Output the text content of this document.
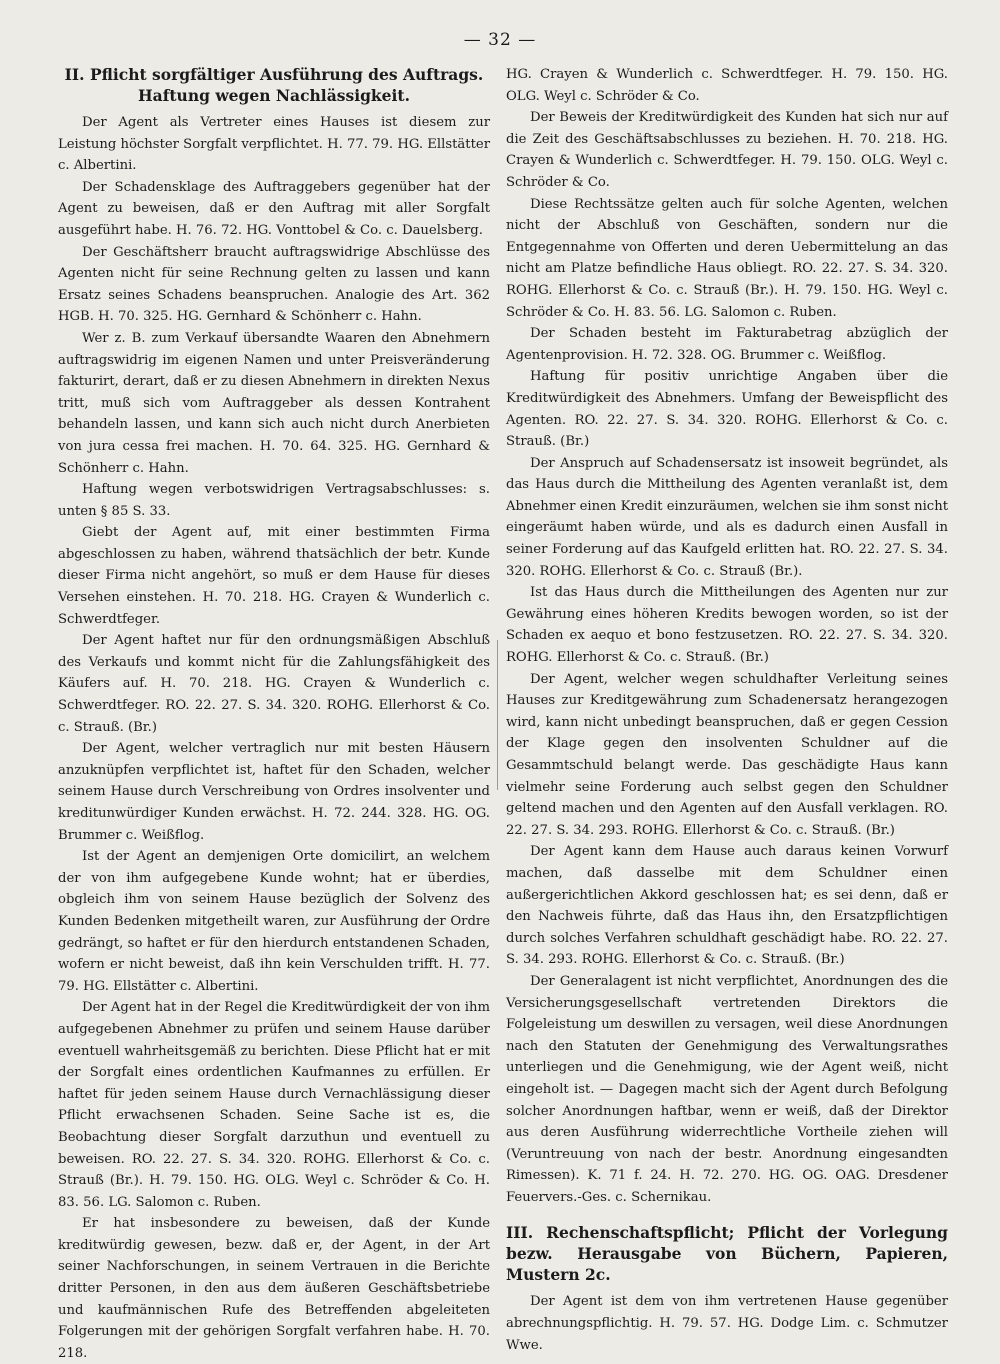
— 32 —
II. Pflicht sorgfältiger Ausführung des Auftrags. Haftung wegen Nachlässigkeit.

Der Agent als Vertreter eines Hauses ist diesem zur Leistung höchster Sorgfalt verpflichtet. H. 77. 79. HG. Ellstätter c. Albertini.

Der Schadensklage des Auftraggebers gegenüber hat der Agent zu beweisen, daß er den Auftrag mit aller Sorgfalt ausgeführt habe. H. 76. 72. HG. Vonttobel & Co. c. Dauelsberg.

Der Geschäftsherr braucht auftragswidrige Abschlüsse des Agenten nicht für seine Rechnung gelten zu lassen und kann Ersatz seines Schadens beanspruchen. Analogie des Art. 362 HGB. H. 70. 325. HG. Gernhard & Schönherr c. Hahn.

Wer z. B. zum Verkauf übersandte Waaren den Abnehmern auftragswidrig im eigenen Namen und unter Preisveränderung fakturirt, derart, daß er zu diesen Abnehmern in direkten Nexus tritt, muß sich vom Auftraggeber als dessen Kontrahent behandeln lassen, und kann sich auch nicht durch Anerbieten von jura cessa frei machen. H. 70. 64. 325. HG. Gernhard & Schönherr c. Hahn.

Haftung wegen verbotswidrigen Vertragsabschlusses: s. unten § 85 S. 33.

Giebt der Agent auf, mit einer bestimmten Firma abgeschlossen zu haben, während thatsächlich der betr. Kunde dieser Firma nicht angehört, so muß er dem Hause für dieses Versehen einstehen. H. 70. 218. HG. Crayen & Wunderlich c. Schwerdtfeger.

Der Agent haftet nur für den ordnungsmäßigen Abschluß des Verkaufs und kommt nicht für die Zahlungsfähigkeit des Käufers auf. H. 70. 218. HG. Crayen & Wunderlich c. Schwerdtfeger. RO. 22. 27. S. 34. 320. ROHG. Ellerhorst & Co. c. Strauß. (Br.)

Der Agent, welcher vertraglich nur mit besten Häusern anzuknüpfen verpflichtet ist, haftet für den Schaden, welcher seinem Hause durch Verschreibung von Ordres insolventer und kreditunwürdiger Kunden erwächst. H. 72. 244. 328. HG. OG. Brummer c. Weißflog.

Ist der Agent an demjenigen Orte domicilirt, an welchem der von ihm aufgegebene Kunde wohnt; hat er überdies, obgleich ihm von seinem Hause bezüglich der Solvenz des Kunden Bedenken mitgetheilt waren, zur Ausführung der Ordre gedrängt, so haftet er für den hierdurch entstandenen Schaden, wofern er nicht beweist, daß ihn kein Verschulden trifft. H. 77. 79. HG. Ellstätter c. Albertini.

Der Agent hat in der Regel die Kreditwürdigkeit der von ihm aufgegebenen Abnehmer zu prüfen und seinem Hause darüber eventuell wahrheitsgemäß zu berichten. Diese Pflicht hat er mit der Sorgfalt eines ordentlichen Kaufmannes zu erfüllen. Er haftet für jeden seinem Hause durch Vernachlässigung dieser Pflicht erwachsenen Schaden. Seine Sache ist es, die Beobachtung dieser Sorgfalt darzuthun und eventuell zu beweisen. RO. 22. 27. S. 34. 320. ROHG. Ellerhorst & Co. c. Strauß (Br.). H. 79. 150. HG. OLG. Weyl c. Schröder & Co. H. 83. 56. LG. Salomon c. Ruben.

Er hat insbesondere zu beweisen, daß der Kunde kreditwürdig gewesen, bezw. daß er, der Agent, in der Art seiner Nachforschungen, in seinem Vertrauen in die Berichte dritter Personen, in den aus dem äußeren Geschäftsbetriebe und kaufmännischen Rufe des Betreffenden abgeleiteten Folgerungen mit der gehörigen Sorgfalt verfahren habe. H. 70. 218.

HG. Crayen & Wunderlich c. Schwerdtfeger. H. 79. 150. HG. OLG. Weyl c. Schröder & Co.

Der Beweis der Kreditwürdigkeit des Kunden hat sich nur auf die Zeit des Geschäftsabschlusses zu beziehen. H. 70. 218. HG. Crayen & Wunderlich c. Schwerdtfeger. H. 79. 150. OLG. Weyl c. Schröder & Co.

Diese Rechtssätze gelten auch für solche Agenten, welchen nicht der Abschluß von Geschäften, sondern nur die Entgegennahme von Offerten und deren Uebermittelung an das nicht am Platze befindliche Haus obliegt. RO. 22. 27. S. 34. 320. ROHG. Ellerhorst & Co. c. Strauß (Br.). H. 79. 150. HG. Weyl c. Schröder & Co. H. 83. 56. LG. Salomon c. Ruben.

Der Schaden besteht im Fakturabetrag abzüglich der Agentenprovision. H. 72. 328. OG. Brummer c. Weißflog.

Haftung für positiv unrichtige Angaben über die Kreditwürdigkeit des Abnehmers. Umfang der Beweispflicht des Agenten. RO. 22. 27. S. 34. 320. ROHG. Ellerhorst & Co. c. Strauß. (Br.)

Der Anspruch auf Schadensersatz ist insoweit begründet, als das Haus durch die Mittheilung des Agenten veranlaßt ist, dem Abnehmer einen Kredit einzuräumen, welchen sie ihm sonst nicht eingeräumt haben würde, und als es dadurch einen Ausfall in seiner Forderung auf das Kaufgeld erlitten hat. RO. 22. 27. S. 34. 320. ROHG. Ellerhorst & Co. c. Strauß (Br.).

Ist das Haus durch die Mittheilungen des Agenten nur zur Gewährung eines höheren Kredits bewogen worden, so ist der Schaden ex aequo et bono festzusetzen. RO. 22. 27. S. 34. 320. ROHG. Ellerhorst & Co. c. Strauß. (Br.)

Der Agent, welcher wegen schuldhafter Verleitung seines Hauses zur Kreditgewährung zum Schadenersatz herangezogen wird, kann nicht unbedingt beanspruchen, daß er gegen Cession der Klage gegen den insolventen Schuldner auf die Gesammtschuld belangt werde. Das geschädigte Haus kann vielmehr seine Forderung auch selbst gegen den Schuldner geltend machen und den Agenten auf den Ausfall verklagen. RO. 22. 27. S. 34. 293. ROHG. Ellerhorst & Co. c. Strauß. (Br.)

Der Agent kann dem Hause auch daraus keinen Vorwurf machen, daß dasselbe mit dem Schuldner einen außergerichtlichen Akkord geschlossen hat; es sei denn, daß er den Nachweis führte, daß das Haus ihn, den Ersatzpflichtigen durch solches Verfahren schuldhaft geschädigt habe. RO. 22. 27. S. 34. 293. ROHG. Ellerhorst & Co. c. Strauß. (Br.)

Der Generalagent ist nicht verpflichtet, Anordnungen des die Versicherungsgesellschaft vertretenden Direktors die Folgeleistung um deswillen zu versagen, weil diese Anordnungen nach den Statuten der Genehmigung des Verwaltungsrathes unterliegen und die Genehmigung, wie der Agent weiß, nicht eingeholt ist. — Dagegen macht sich der Agent durch Befolgung solcher Anordnungen haftbar, wenn er weiß, daß der Direktor aus deren Ausführung widerrechtliche Vortheile ziehen will (Veruntreuung von nach der bestr. Anordnung eingesandten Rimessen). K. 71 f. 24. H. 72. 270. HG. OG. OAG. Dresdener Feuervers.-Ges. c. Schernikau.

III. Rechenschaftspflicht; Pflicht der Vorlegung bezw. Herausgabe von Büchern, Papieren, Mustern 2c.

Der Agent ist dem von ihm vertretenen Hause gegenüber abrechnungspflichtig. H. 79. 57. HG. Dodge Lim. c. Schmutzer Wwe.
